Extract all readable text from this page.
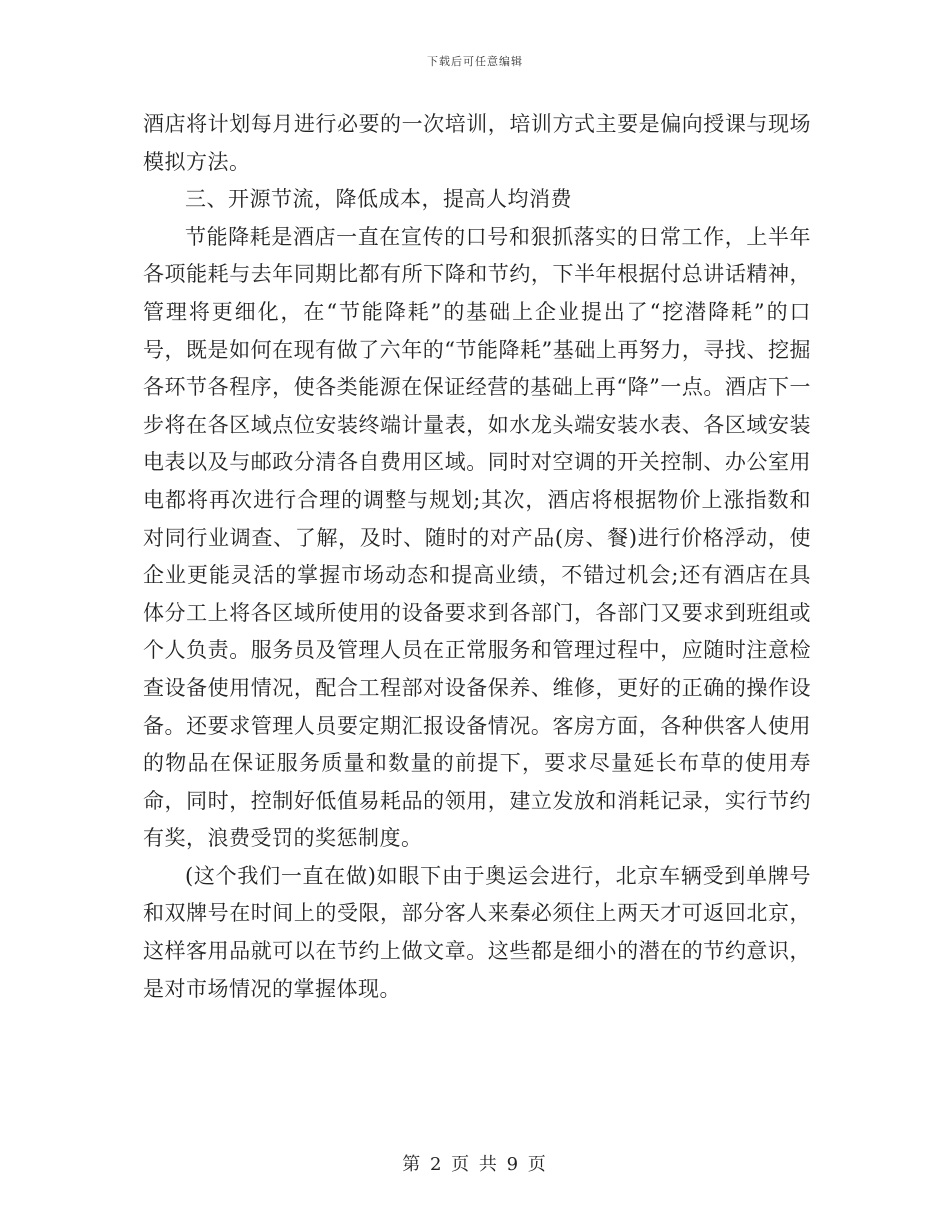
下载后可任意编辑

酒店将计划每月进行必要的一次培训，培训方式主要是偏向授课与现场模拟方法。

三、开源节流，降低成本，提高人均消费

节能降耗是酒店一直在宣传的口号和狠抓落实的日常工作，上半年各项能耗与去年同期比都有所下降和节约，下半年根据付总讲话精神，管理将更细化，在“节能降耗”的基础上企业提出了“挖潜降耗”的口号，既是如何在现有做了六年的“节能降耗”基础上再努力，寻找、挖掘各环节各程序，使各类能源在保证经营的基础上再“降”一点。酒店下一步将在各区域点位安装终端计量表，如水龙头端安装水表、各区域安装电表以及与邮政分清各自费用区域。同时对空调的开关控制、办公室用电都将再次进行合理的调整与规划;其次，酒店将根据物价上涨指数和对同行业调查、了解，及时、随时的对产品(房、餐)进行价格浮动，使企业更能灵活的掌握市场动态和提高业绩，不错过机会;还有酒店在具体分工上将各区域所使用的设备要求到各部门，各部门又要求到班组或个人负责。服务员及管理人员在正常服务和管理过程中，应随时注意检查设备使用情况，配合工程部对设备保养、维修，更好的正确的操作设备。还要求管理人员要定期汇报设备情况。客房方面，各种供客人使用的物品在保证服务质量和数量的前提下，要求尽量延长布草的使用寿命，同时，控制好低值易耗品的领用，建立发放和消耗记录，实行节约有奖，浪费受罚的奖惩制度。

(这个我们一直在做)如眼下由于奥运会进行，北京车辆受到单牌号和双牌号在时间上的受限，部分客人来秦必须住上两天才可返回北京，这样客用品就可以在节约上做文章。这些都是细小的潜在的节约意识，是对市场情况的掌握体现。

第 2 页 共 9 页
